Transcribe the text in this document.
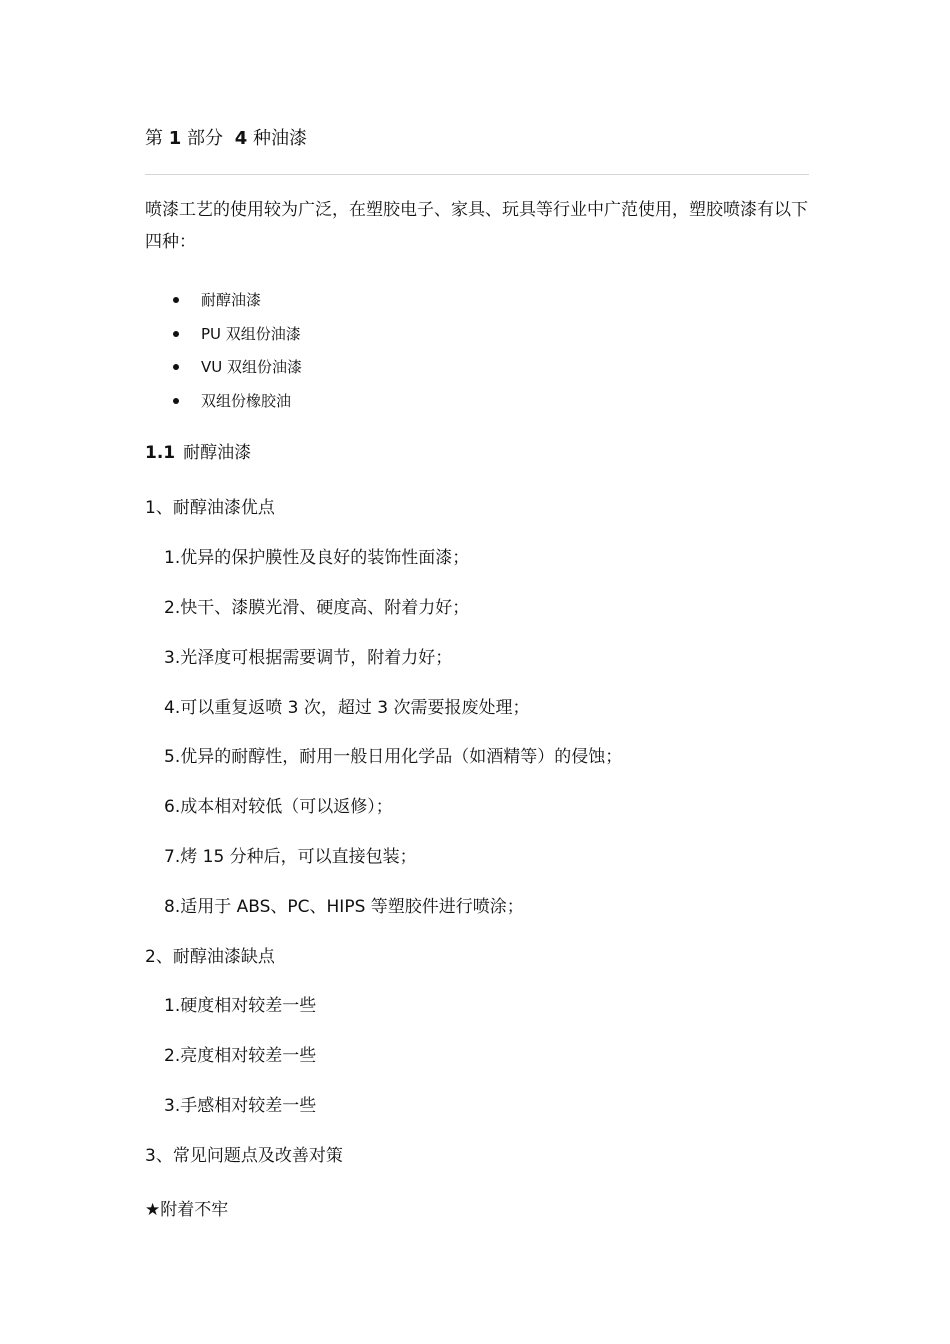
第 1 部分 4 种油漆
喷漆工艺的使用较为广泛，在塑胶电子、家具、玩具等行业中广范使用，塑胶喷漆有以下四种：
耐醇油漆
PU 双组份油漆
VU 双组份油漆
双组份橡胶油
1.1 耐醇油漆
1、耐醇油漆优点
1.优异的保护膜性及良好的装饰性面漆；
2.快干、漆膜光滑、硬度高、附着力好；
3.光泽度可根据需要调节，附着力好；
4.可以重复返喷 3 次，超过 3 次需要报废处理；
5.优异的耐醇性，耐用一般日用化学品（如酒精等）的侵蚀；
6.成本相对较低（可以返修）；
7.烤 15 分种后，可以直接包装；
8.适用于 ABS、PC、HIPS 等塑胶件进行喷涂；
2、耐醇油漆缺点
1.硬度相对较差一些
2.亮度相对较差一些
3.手感相对较差一些
3、常见问题点及改善对策
★附着不牢
